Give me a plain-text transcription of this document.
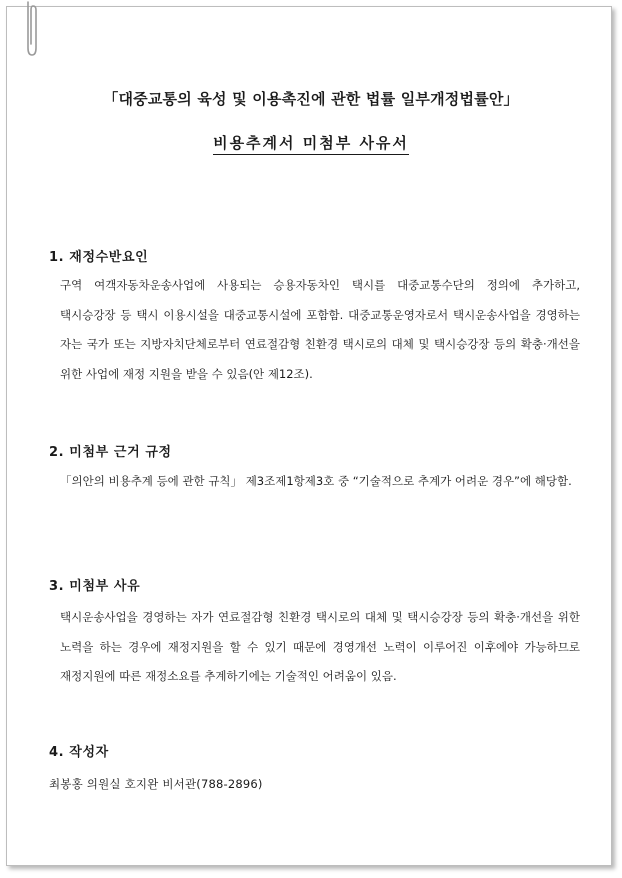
「대중교통의 육성 및 이용촉진에 관한 법률 일부개정법률안」
비용추계서 미첨부 사유서
1. 재정수반요인
구역 여객자동차운송사업에 사용되는 승용자동차인 택시를 대중교통수단의 정의에 추가하고, 택시승강장 등 택시 이용시설을 대중교통시설에 포함함. 대중교통운영자로서 택시운송사업을 경영하는 자는 국가 또는 지방자치단체로부터 연료절감형 친환경 택시로의 대체 및 택시승강장 등의 확충·개선을 위한 사업에 재정 지원을 받을 수 있음(안 제12조).
2. 미첨부 근거 규정
「의안의 비용추계 등에 관한 규칙」 제3조제1항제3호 중 “기술적으로 추계가 어려운 경우”에 해당함.
3. 미첨부 사유
택시운송사업을 경영하는 자가 연료절감형 친환경 택시로의 대체 및 택시승강장 등의 확충·개선을 위한 노력을 하는 경우에 재정지원을 할 수 있기 때문에 경영개선 노력이 이루어진 이후에야 가능하므로 재정지원에 따른 재정소요를 추계하기에는 기술적인 어려움이 있음.
4. 작성자
최봉홍 의원실 호지완 비서관(788-2896)
